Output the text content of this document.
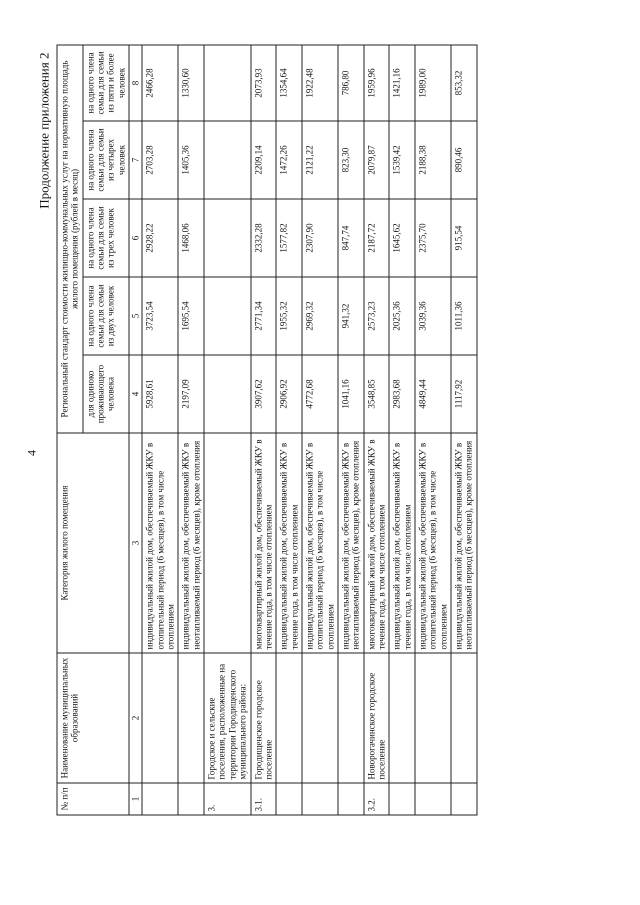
4
Продолжение приложения 2
№ п/п	Наименование муниципальных образований	Категория жилого помещения	Региональный стандарт стоимости жилищно-коммунальных услуг на нормативную площадь жилого помещения (рублей в месяц)				
			для одиноко проживающего человека	на одного члена семьи для семьи из двух человек	на одного члена семьи для семьи из трех человек	на одного члена семьи для семьи из четырех человек	на одного члена семьи для семьи из пяти и более человек
1	2	3	4	5	6	7	8
		индивидуальный жилой дом, обеспечиваемый ЖКУ в отопительный период (6 месяцев), в том числе отоплением	5928,61	3723,54	2928,22	2703,28	2466,28
		индивидуальный жилой дом, обеспечиваемый ЖКУ в неотапливаемый период (6 месяцев), кроме отопления	2197,09	1695,54	1468,06	1405,36	1330,60
3.	Городское и сельские поселения, расположенные на территории Городищенского муниципального района:						
3.1.	Городищенское городское поселение	многоквартирный жилой дом, обеспечиваемый ЖКУ в течение года, в том числе отоплением	3907,62	2771,34	2332,28	2209,14	2073,93
		индивидуальный жилой дом, обеспечиваемый ЖКУ в течение года, в том числе отоплением	2906,92	1955,32	1577,82	1472,26	1354,64
		индивидуальный жилой дом, обеспечиваемый ЖКУ в отопительный период (6 месяцев), в том числе отоплением	4772,68	2969,32	2307,90	2121,22	1922,48
		индивидуальный жилой дом, обеспечиваемый ЖКУ в неотапливаемый период (6 месяцев), кроме отопления	1041,16	941,32	847,74	823,30	786,80
3.2.	Новорогачинское городское поселение	многоквартирный жилой дом, обеспечиваемый ЖКУ в течение года, в том числе отоплением	3548,85	2573,23	2187,72	2079,87	1959,96
		индивидуальный жилой дом, обеспечиваемый ЖКУ в течение года, в том числе отоплением	2983,68	2025,36	1645,62	1539,42	1421,16
		индивидуальный жилой дом, обеспечиваемый ЖКУ в отопительный период (6 месяцев), в том числе отоплением	4849,44	3039,36	2375,70	2188,38	1989,00
		индивидуальный жилой дом, обеспечиваемый ЖКУ в неотапливаемый период (6 месяцев), кроме отопления	1117,92	1011,36	915,54	890,46	853,32
